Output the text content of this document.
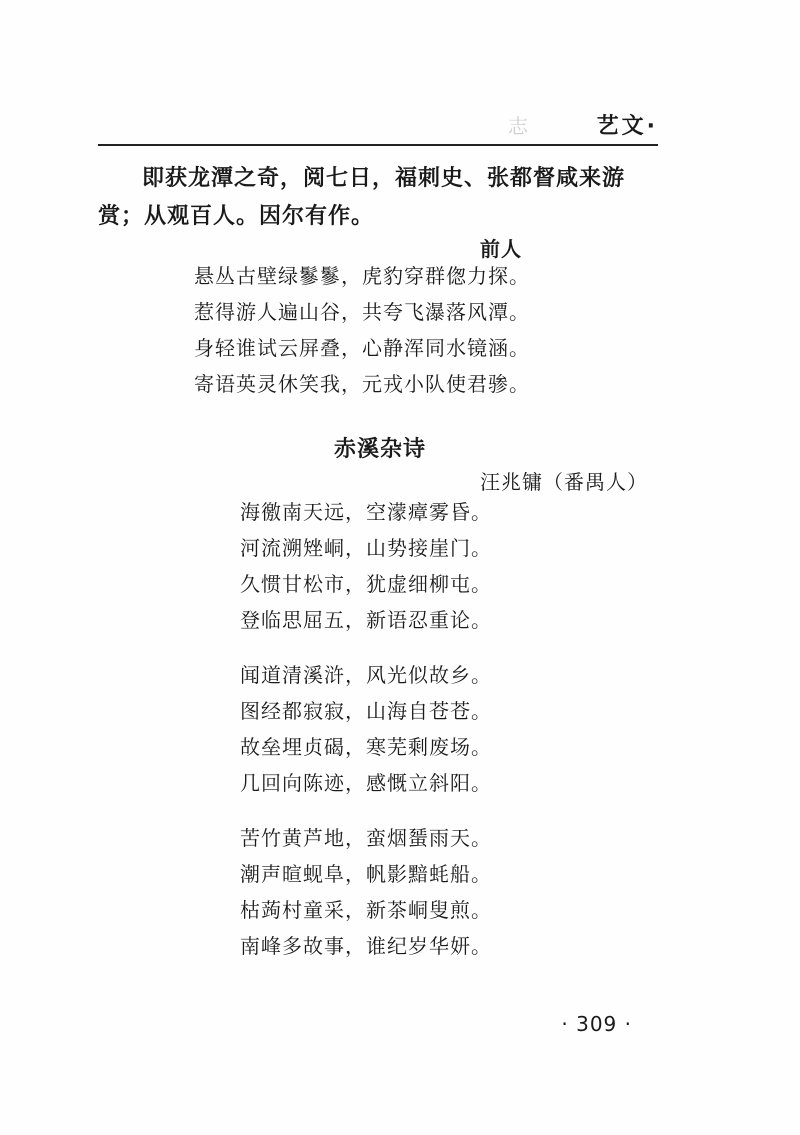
志	艺文·

即获龙潭之奇，阅七日，福刺史、张都督咸来游赏；从观百人。因尔有作。

前人
悬丛古壁绿鬖鬖，虎豹穿群偬力探。
惹得游人遍山谷，共夸飞瀑落风潭。
身轻谁试云屏叠，心静浑同水镜涵。
寄语英灵休笑我，元戎小队使君骖。
赤溪杂诗
汪兆镛（番禺人）
海徼南天远，空濛瘴雾昏。
河流溯矬峒，山势接崖门。
久惯甘松市，犹虚细柳屯。
登临思屈五，新语忍重论。
闻道清溪浒，风光似故乡。
图经都寂寂，山海自苍苍。
故垒埋贞碣，寒芜剩废场。
几回向陈迹，感慨立斜阳。
苦竹黄芦地，蛮烟蜑雨天。
潮声暄蚬阜，帆影黯蚝船。
枯蒟村童采，新茶峒叟煎。
南峰多故事，谁纪岁华妍。
· 309 ·
